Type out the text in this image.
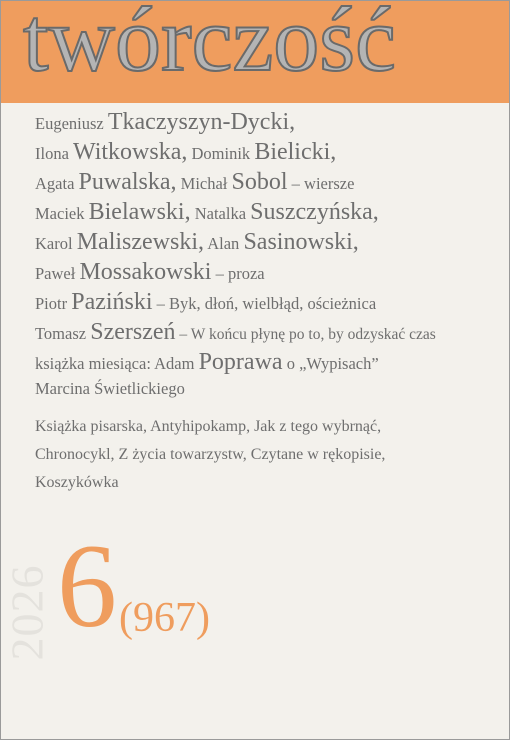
twórczość
Eugeniusz Tkaczyszyn-Dycki,
Ilona Witkowska, Dominik Bielicki,
Agata Puwalska, Michał Sobol – wiersze
Maciek Bielawski, Natalka Suszczyńska,
Karol Maliszewski, Alan Sasinowski,
Paweł Mossakowski – proza
Piotr Paziński – Byk, dłoń, wielbłąd, ościeżnica
Tomasz Szerszeń – W końcu płynę po to, by odzyskać czas
książka miesiąca: Adam Poprawa o „Wypisach”
Marcina Świetlickiego
Książka pisarska, Antyhipokamp, Jak z tego wybrnąć,
Chronocykl, Z życia towarzystw, Czytane w rękopisie,
Koszykówka
2026 6 (967)
